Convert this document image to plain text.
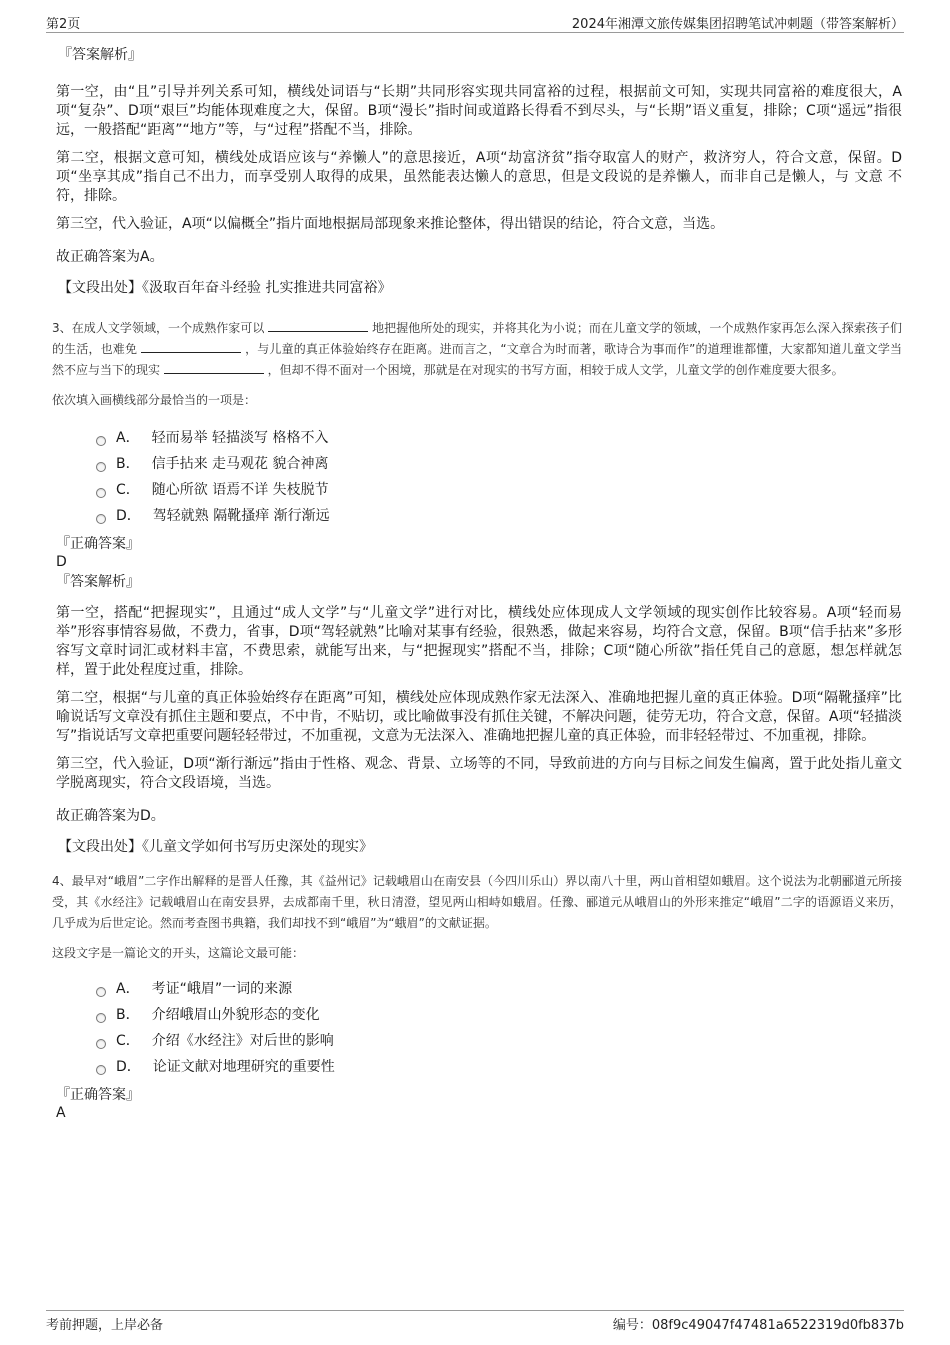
第2页	2024年湘潭文旅传媒集团招聘笔试冲刺题（带答案解析）

『答案解析』

第一空，由“且”引导并列关系可知，横线处词语与“长期”共同形容实现共同富裕的过程，根据前文可知，实现共同富裕的难度很大，A项“复杂”、D项“艰巨”均能体现难度之大，保留。B项“漫长”指时间或道路长得看不到尽头，与“长期”语义重复，排除；C项“遥远”指很远，一般搭配“距离”“地方”等，与“过程”搭配不当，排除。

第二空，根据文意可知，横线处成语应该与“养懒人”的意思接近，A项“劫富济贫”指夺取富人的财产，救济穷人，符合文意，保留。D项“坐享其成”指自己不出力，而享受别人取得的成果，虽然能表达懒人的意思，但是文段说的是养懒人，而非自己是懒人，与 文意 不符，排除。

第三空，代入验证，A项“以偏概全”指片面地根据局部现象来推论整体，得出错误的结论，符合文意，当选。

故正确答案为A。

【文段出处】《汲取百年奋斗经验 扎实推进共同富裕》

3、在成人文学领域，一个成熟作家可以	地把握他所处的现实，并将其化为小说；而在儿童文学的领域，一个成熟作家再怎么深入探索孩子们的生活，也难免	，与儿童的真正体验始终存在距离。进而言之，“文章合为时而著，歌诗合为事而作”的道理谁都懂，大家都知道儿童文学当然不应与当下的现实	，但却不得不面对一个困境，那就是在对现实的书写方面，相较于成人文学，儿童文学的创作难度要大很多。

依次填入画横线部分最恰当的一项是：

A． 轻而易举 轻描淡写 格格不入
B． 信手拈来 走马观花 貌合神离
C． 随心所欲 语焉不详 失枝脱节
D． 驾轻就熟 隔靴搔痒 渐行渐远

『正确答案』

D

『答案解析』

第一空，搭配“把握现实”，且通过“成人文学”与“儿童文学”进行对比，横线处应体现成人文学领域的现实创作比较容易。A项“轻而易举”形容事情容易做，不费力，省事，D项“驾轻就熟”比喻对某事有经验，很熟悉，做起来容易，均符合文意，保留。B项“信手拈来”多形容写文章时词汇或材料丰富，不费思索，就能写出来，与“把握现实”搭配不当，排除；C项“随心所欲”指任凭自己的意愿，想怎样就怎样，置于此处程度过重，排除。

第二空，根据“与儿童的真正体验始终存在距离”可知，横线处应体现成熟作家无法深入、准确地把握儿童的真正体验。D项“隔靴搔痒”比喻说话写文章没有抓住主题和要点，不中肯，不贴切，或比喻做事没有抓住关键，不解决问题，徒劳无功，符合文意，保留。A项“轻描淡写”指说话写文章把重要问题轻轻带过，不加重视，文意为无法深入、准确地把握儿童的真正体验，而非轻轻带过、不加重视，排除。

第三空，代入验证，D项“渐行渐远”指由于性格、观念、背景、立场等的不同，导致前进的方向与目标之间发生偏离，置于此处指儿童文学脱离现实，符合文段语境，当选。

故正确答案为D。

【文段出处】《儿童文学如何书写历史深处的现实》

4、最早对“峨眉”二字作出解释的是晋人任豫，其《益州记》记载峨眉山在南安县（今四川乐山）界以南八十里，两山首相望如蛾眉。这个说法为北朝郦道元所接受，其《水经注》记载峨眉山在南安县界，去成都南千里，秋日清澄，望见两山相峙如蛾眉。任豫、郦道元从峨眉山的外形来推定“峨眉”二字的语源语义来历，几乎成为后世定论。然而考查图书典籍，我们却找不到“峨眉”为“蛾眉”的文献证据。

这段文字是一篇论文的开头，这篇论文最可能：

A． 考证“峨眉”一词的来源
B． 介绍峨眉山外貌形态的变化
C． 介绍《水经注》对后世的影响
D． 论证文献对地理研究的重要性

『正确答案』

A

考前押题，上岸必备	编号：08f9c49047f47481a6522319d0fb837b
